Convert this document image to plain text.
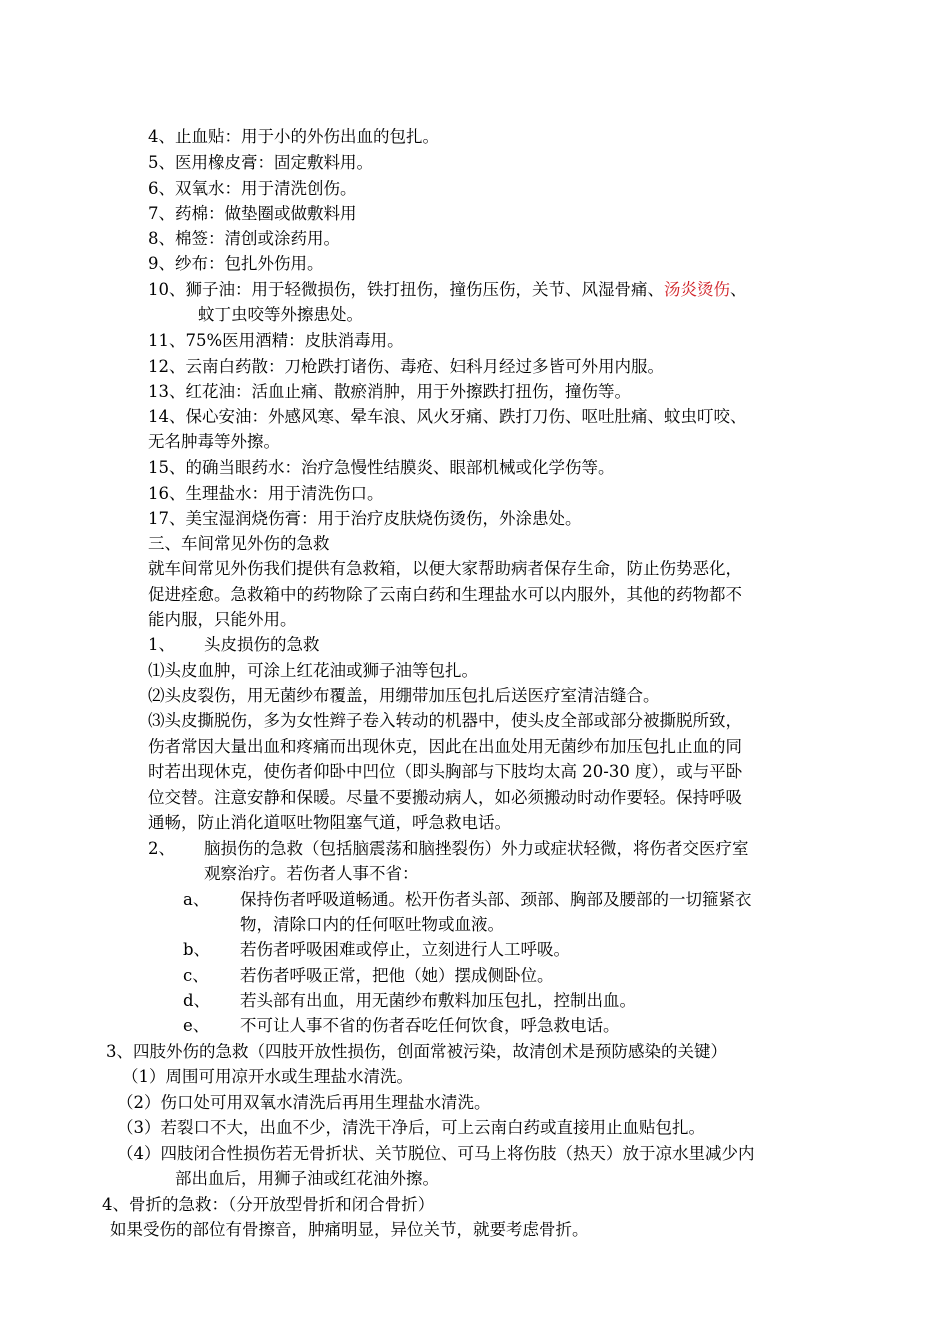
4、止血贴：用于小的外伤出血的包扎。

5、医用橡皮膏：固定敷料用。

6、双氧水：用于清洗创伤。

7、药棉：做垫圈或做敷料用

8、棉签：清创或涂药用。

9、纱布：包扎外伤用。

10、狮子油：用于轻微损伤，铁打扭伤，撞伤压伤，关节、风湿骨痛、汤炎烫伤、

蚊丁虫咬等外擦患处。

11、75%医用酒精：皮肤消毒用。

12、云南白药散：刀枪跌打诸伤、毒疮、妇科月经过多皆可外用内服。

13、红花油：活血止痛、散瘀消肿，用于外擦跌打扭伤，撞伤等。

14、保心安油：外感风寒、晕车浪、风火牙痛、跌打刀伤、呕吐肚痛、蚊虫叮咬、

无名肿毒等外擦。

15、的确当眼药水：治疗急慢性结膜炎、眼部机械或化学伤等。

16、生理盐水：用于清洗伤口。

17、美宝湿润烧伤膏：用于治疗皮肤烧伤烫伤，外涂患处。

三、车间常见外伤的急救

就车间常见外伤我们提供有急救箱，以便大家帮助病者保存生命，防止伤势恶化，

促进痊愈。急救箱中的药物除了云南白药和生理盐水可以内服外，其他的药物都不

能内服，只能外用。

1、 头皮损伤的急救

⑴头皮血肿，可涂上红花油或狮子油等包扎。

⑵头皮裂伤，用无菌纱布覆盖，用绷带加压包扎后送医疗室清洁缝合。

⑶头皮撕脱伤，多为女性辫子卷入转动的机器中，使头皮全部或部分被撕脱所致，

伤者常因大量出血和疼痛而出现休克，因此在出血处用无菌纱布加压包扎止血的同

时若出现休克，使伤者仰卧中凹位（即头胸部与下肢均太高 20-30 度），或与平卧

位交替。注意安静和保暖。尽量不要搬动病人，如必须搬动时动作要轻。保持呼吸

通畅，防止消化道呕吐物阻塞气道，呼急救电话。

2、 脑损伤的急救（包括脑震荡和脑挫裂伤）外力或症状轻微，将伤者交医疗室

观察治疗。若伤者人事不省：

a、 保持伤者呼吸道畅通。松开伤者头部、颈部、胸部及腰部的一切箍紧衣

物，清除口内的任何呕吐物或血液。

b、 若伤者呼吸困难或停止，立刻进行人工呼吸。

c、 若伤者呼吸正常，把他（她）摆成侧卧位。

d、 若头部有出血，用无菌纱布敷料加压包扎，控制出血。

e、 不可让人事不省的伤者吞吃任何饮食，呼急救电话。

3、四肢外伤的急救（四肢开放性损伤，创面常被污染，故清创术是预防感染的关键）

（1）周围可用凉开水或生理盐水清洗。

（2）伤口处可用双氧水清洗后再用生理盐水清洗。

（3）若裂口不大，出血不少，清洗干净后，可上云南白药或直接用止血贴包扎。

（4）四肢闭合性损伤若无骨折状、关节脱位、可马上将伤肢（热天）放于凉水里减少内

部出血后，用狮子油或红花油外擦。

4、骨折的急救：（分开放型骨折和闭合骨折）

如果受伤的部位有骨擦音，肿痛明显，异位关节，就要考虑骨折。
